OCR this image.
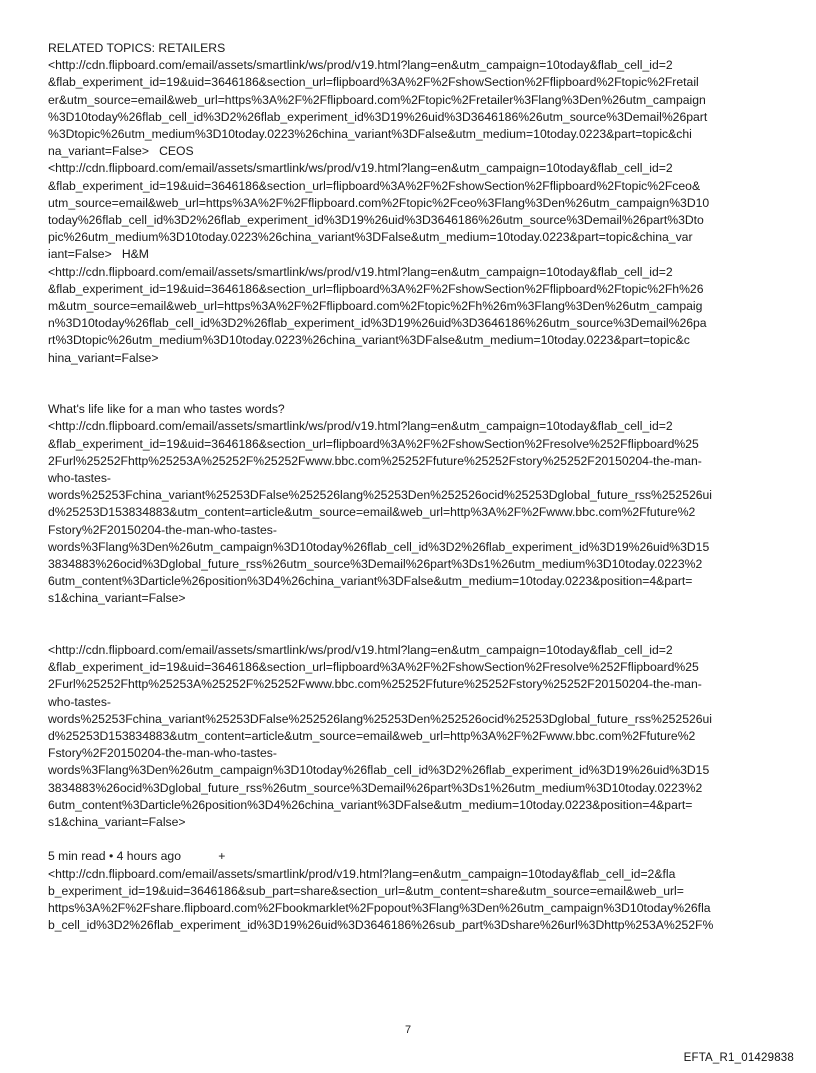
RELATED TOPICS: RETAILERS
<http://cdn.flipboard.com/email/assets/smartlink/ws/prod/v19.html?lang=en&utm_campaign=10today&flab_cell_id=2
&flab_experiment_id=19&uid=3646186&section_url=flipboard%3A%2F%2FshowSection%2Fflipboard%2Ftopic%2Fretail
er&utm_source=email&web_url=https%3A%2F%2Fflipboard.com%2Ftopic%2Fretailer%3Flang%3Den%26utm_campaign
%3D10today%26flab_cell_id%3D2%26flab_experiment_id%3D19%26uid%3D3646186%26utm_source%3Demail%26part
%3Dtopic%26utm_medium%3D10today.0223%26china_variant%3DFalse&utm_medium=10today.0223&part=topic&chi
na_variant=False>   CEOS
<http://cdn.flipboard.com/email/assets/smartlink/ws/prod/v19.html?lang=en&utm_campaign=10today&flab_cell_id=2
&flab_experiment_id=19&uid=3646186&section_url=flipboard%3A%2F%2FshowSection%2Fflipboard%2Ftopic%2Fceo&
utm_source=email&web_url=https%3A%2F%2Fflipboard.com%2Ftopic%2Fceo%3Flang%3Den%26utm_campaign%3D10
today%26flab_cell_id%3D2%26flab_experiment_id%3D19%26uid%3D3646186%26utm_source%3Demail%26part%3Dto
pic%26utm_medium%3D10today.0223%26china_variant%3DFalse&utm_medium=10today.0223&part=topic&china_var
iant=False>   H&M
<http://cdn.flipboard.com/email/assets/smartlink/ws/prod/v19.html?lang=en&utm_campaign=10today&flab_cell_id=2
&flab_experiment_id=19&uid=3646186&section_url=flipboard%3A%2F%2FshowSection%2Fflipboard%2Ftopic%2Fh%26
m&utm_source=email&web_url=https%3A%2F%2Fflipboard.com%2Ftopic%2Fh%26m%3Flang%3Den%26utm_campaig
n%3D10today%26flab_cell_id%3D2%26flab_experiment_id%3D19%26uid%3D3646186%26utm_source%3Demail%26pa
rt%3Dtopic%26utm_medium%3D10today.0223%26china_variant%3DFalse&utm_medium=10today.0223&part=topic&c
hina_variant=False>
What's life like for a man who tastes words?
<http://cdn.flipboard.com/email/assets/smartlink/ws/prod/v19.html?lang=en&utm_campaign=10today&flab_cell_id=2
&flab_experiment_id=19&uid=3646186&section_url=flipboard%3A%2F%2FshowSection%2Fresolve%252Fflipboard%25
2Furl%25252Fhttp%25253A%25252F%25252Fwww.bbc.com%25252Ffuture%25252Fstory%25252F20150204-the-man-
who-tastes-
words%25253Fchina_variant%25253DFalse%252526lang%25253Den%252526ocid%25253Dglobal_future_rss%252526ui
d%25253D153834883&utm_content=article&utm_source=email&web_url=http%3A%2F%2Fwww.bbc.com%2Ffuture%2
Fstory%2F20150204-the-man-who-tastes-
words%3Flang%3Den%26utm_campaign%3D10today%26flab_cell_id%3D2%26flab_experiment_id%3D19%26uid%3D15
3834883%26ocid%3Dglobal_future_rss%26utm_source%3Demail%26part%3Ds1%26utm_medium%3D10today.0223%2
6utm_content%3Darticle%26position%3D4%26china_variant%3DFalse&utm_medium=10today.0223&position=4&part=
s1&china_variant=False>
<http://cdn.flipboard.com/email/assets/smartlink/ws/prod/v19.html?lang=en&utm_campaign=10today&flab_cell_id=2
&flab_experiment_id=19&uid=3646186&section_url=flipboard%3A%2F%2FshowSection%2Fresolve%252Fflipboard%25
2Furl%25252Fhttp%25253A%25252F%25252Fwww.bbc.com%25252Ffuture%25252Fstory%25252F20150204-the-man-
who-tastes-
words%25253Fchina_variant%25253DFalse%252526lang%25253Den%252526ocid%25253Dglobal_future_rss%252526ui
d%25253D153834883&utm_content=article&utm_source=email&web_url=http%3A%2F%2Fwww.bbc.com%2Ffuture%2
Fstory%2F20150204-the-man-who-tastes-
words%3Flang%3Den%26utm_campaign%3D10today%26flab_cell_id%3D2%26flab_experiment_id%3D19%26uid%3D15
3834883%26ocid%3Dglobal_future_rss%26utm_source%3Demail%26part%3Ds1%26utm_medium%3D10today.0223%2
6utm_content%3Darticle%26position%3D4%26china_variant%3DFalse&utm_medium=10today.0223&position=4&part=
s1&china_variant=False>
5 min read • 4 hours ago           +
<http://cdn.flipboard.com/email/assets/smartlink/prod/v19.html?lang=en&utm_campaign=10today&flab_cell_id=2&fla
b_experiment_id=19&uid=3646186&sub_part=share&section_url=&utm_content=share&utm_source=email&web_url=
https%3A%2F%2Fshare.flipboard.com%2Fbookmarklet%2Fpopout%3Flang%3Den%26utm_campaign%3D10today%26fla
b_cell_id%3D2%26flab_experiment_id%3D19%26uid%3D3646186%26sub_part%3Dshare%26url%3Dhttp%253A%252F%
7
EFTA_R1_01429838
